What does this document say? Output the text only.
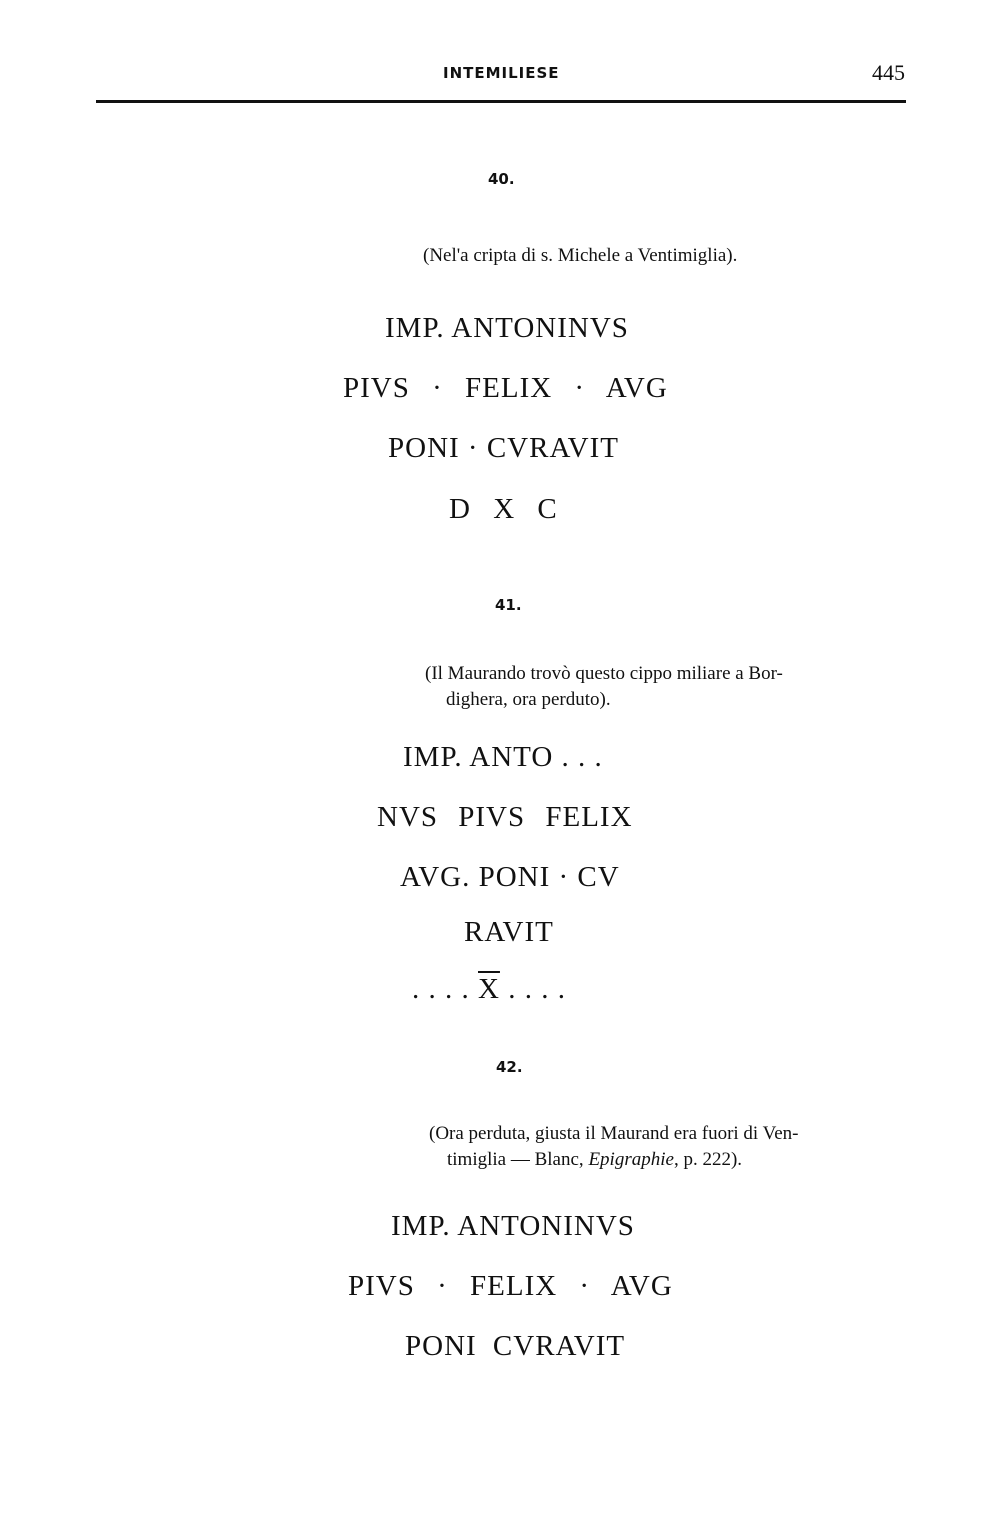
INTEMILIESE	445
40.
(Nel'a cripta di s. Michele a Ventimiglia).
IMP. ANTONINVS
PIVS · FELIX · AVG
PONI · CVRAVIT
D X C
41.
(Il Maurando trovò questo cippo miliare a Bor-
dighera, ora perduto).
IMP. ANTO . . .
NVS PIVS FELIX
AVG. PONI · CV
RAVIT
. . . . $\overline{X}$ . . . .
42.
(Ora perduta, giusta il Maurand era fuori di Ven-
timiglia — Blanc, Epigraphie, p. 222).
IMP. ANTONINVS
PIVS · FELIX · AVG
PONI CVRAVIT
